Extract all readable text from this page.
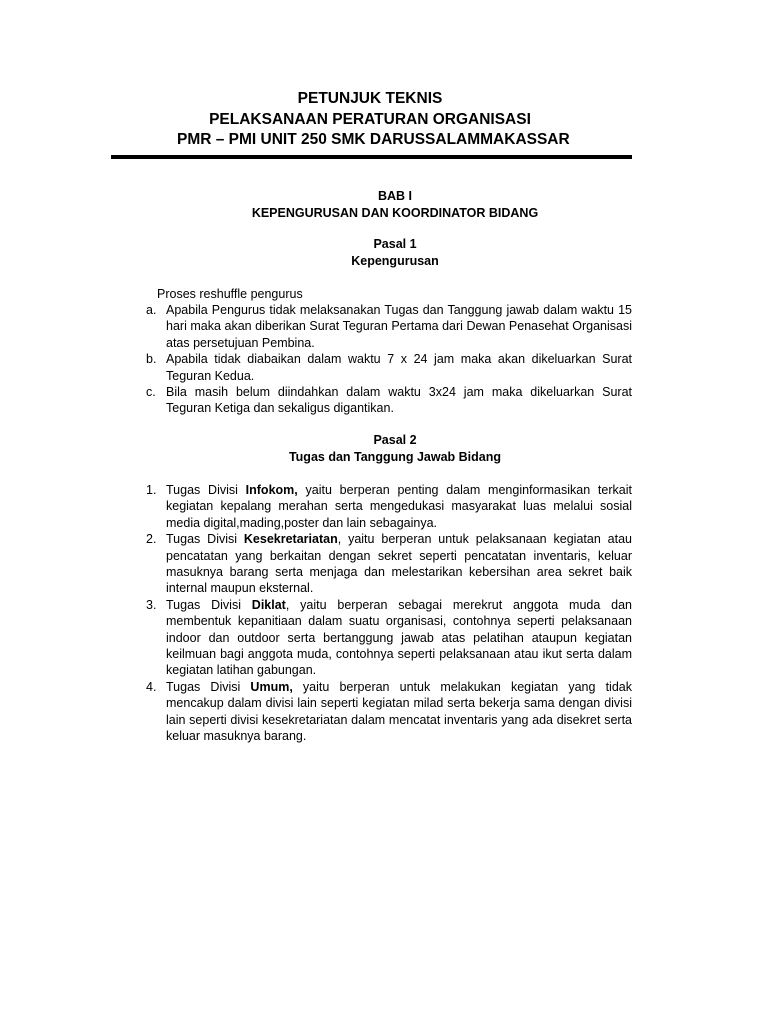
PETUNJUK TEKNIS
PELAKSANAAN PERATURAN ORGANISASI
PMR – PMI UNIT 250 SMK DARUSSALAMMAKASSAR
BAB I
KEPENGURUSAN DAN KOORDINATOR BIDANG
Pasal 1
Kepengurusan
Proses reshuffle pengurus
a. Apabila Pengurus tidak melaksanakan Tugas dan Tanggung jawab dalam waktu 15 hari maka akan diberikan Surat Teguran Pertama dari Dewan Penasehat Organisasi atas persetujuan Pembina.
b. Apabila tidak diabaikan dalam waktu 7 x 24 jam maka akan dikeluarkan Surat Teguran Kedua.
c. Bila masih belum diindahkan dalam waktu 3x24 jam maka dikeluarkan Surat Teguran Ketiga dan sekaligus digantikan.
Pasal 2
Tugas dan Tanggung Jawab Bidang
1. Tugas Divisi Infokom, yaitu berperan penting dalam menginformasikan terkait kegiatan kepalang merahan serta mengedukasi masyarakat luas melalui sosial media digital,mading,poster dan lain sebagainya.
2. Tugas Divisi Kesekretariatan, yaitu berperan untuk pelaksanaan kegiatan atau pencatatan yang berkaitan dengan sekret seperti pencatatan inventaris, keluar masuknya barang serta menjaga dan melestarikan kebersihan area sekret baik internal maupun eksternal.
3. Tugas Divisi Diklat, yaitu berperan sebagai merekrut anggota muda dan membentuk kepanitiaan dalam suatu organisasi, contohnya seperti pelaksanaan indoor dan outdoor serta bertanggung jawab atas pelatihan ataupun kegiatan keilmuan bagi anggota muda, contohnya seperti pelaksanaan atau ikut serta dalam kegiatan latihan gabungan.
4. Tugas Divisi Umum, yaitu berperan untuk melakukan kegiatan yang tidak mencakup dalam divisi lain seperti kegiatan milad serta bekerja sama dengan divisi lain seperti divisi kesekretariatan dalam mencatat inventaris yang ada disekret serta keluar masuknya barang.
